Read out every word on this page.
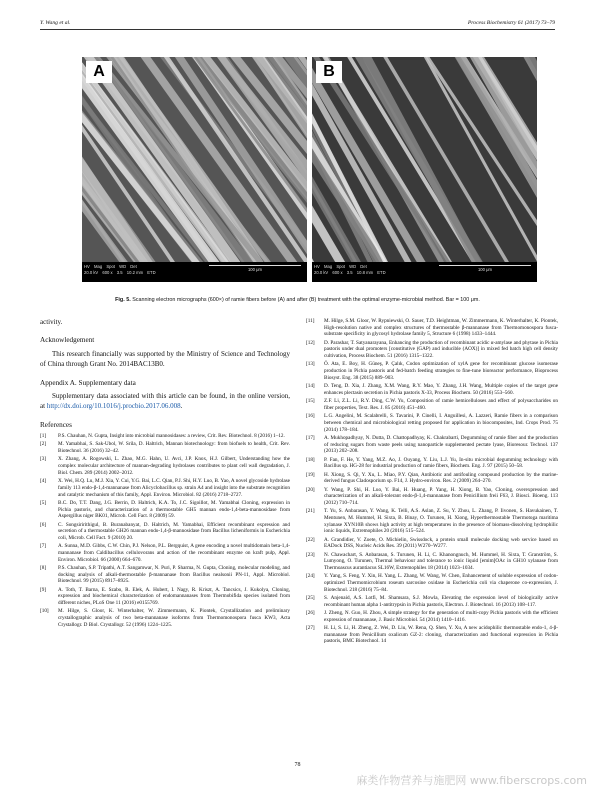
Y. Wang et al.	Process Biochemistry 61 (2017) 73–79
A
HV Mag Spot WD Det
20.0 kV 600 x 3.5 10.2 mm ETD
100 μm
B
HV Mag Spot WD Det
20.0 kV 600 x 3.5 10.8 mm ETD
100 μm
Fig. 5. Scanning electron micrographs (600×) of ramie fibers before (A) and after (B) treatment with the optimal enzyme-microbial method. Bar = 100 μm.
activity.
Acknowledgement

This research financially was supported by the Ministry of Science and Technology of China through Grant No. 2014BAC13B0.

Appendix A. Supplementary data

Supplementary data associated with this article can be found, in the online version, at http://dx.doi.org/10.1016/j.procbio.2017.06.008.

References
[1]	P.S. Chauhan, N. Gupta, Insight into microbial mannosidases: a review, Crit. Rev. Biotechnol. 8 (2016) 1–12.
[2]	M. Yamabhai, S. Sak-Ubol, W. Srila, D. Haltrich, Mannan biotechnology: from biofuels to health, Crit. Rev. Biotechnol. 36 (2016) 32–42.
[3]	X. Zhang, A. Rogowski, L. Zhao, M.G. Hahn, U. Avci, J.P. Knox, H.J. Gilbert, Understanding how the complex molecular architecture of mannan-degrading hydrolases contributes to plant cell wall degradation, J. Biol. Chem. 289 (2014) 2002–2012.
[4]	X. Wei, H.Q. Lu, M.J. Xia, Y. Cui, Y.G. Bai, L.C. Qian, P.J. Shi, H.Y. Luo, B. Yao, A novel glycoside hydrolase family 113 endo-β-1,4-mannanase from Alicyclobacillus sp. strain A4 and insight into the substrate recognition and catalytic mechanism of this family, Appl. Environ. Microbiol. 82 (2016) 2718–2727.
[5]	B.C. Do, T.T. Dang, J.G. Berrin, D. Haltrich, K.A. To, J.C. Sigoillot, M. Yamabhai Cloning, expression in Pichia pastoris, and characterization of a thermostable GH5 mannan endo-1,4-beta-mannosidase from Aspergillus niger BK01, Microb. Cell Fact. 8 (2009) 59.
[6]	C. Songsiririthigul, B. Buranabanyat, D. Haltrich, M. Yamabhai, Efficient recombinant expression and secretion of a thermostable GH26 mannan endo-1,4-β-mannosidase from Bacillus licheniformis in Escherichia coli, Microb. Cell Fact. 9 (2010) 20.
[7]	A. Sunna, M.D. Gibbs, C.W. Chin, P.J. Nelson, P.L. Bergquist, A gene encoding a novel multidomain beta-1,4-mannanase from Caldibacillus cellulovorans and action of the recombinant enzyme on kraft pulp, Appl. Environ. Microbiol. 66 (2000) 664–670.
[8]	P.S. Chauhan, S.P. Tripathi, A.T. Sangamwar, N. Puri, P. Sharma, N. Gupta, Cloning, molecular modeling, and docking analysis of alkali-thermostable β-mannanase from Bacillus nealsonii PN-11, Appl. Microbiol. Biotechnol. 99 (2015) 8917–8925.
[9]	A. Toth, T. Barna, E. Szabo, R. Elek, A. Hubert, I. Nagy, R. Kriszt, A. Tancsics, J. Kukolya, Cloning, expression and biochemical characterization of endomannanases from Thermobifida species isolated from different niches, PLoS One 11 (2016) e0155769.
[10]	M. Hilge, S. Gloor, K. Winterhalter, W. Zimmermann, K. Piontek, Crystallization and preliminary crystallographic analysis of two beta-mannanase isoforms from Thermomonospora fusca KW3, Acta Crystallogr. D Biol. Crystallogr. 52 (1996) 1224–1225.
[11]	M. Hilge, S.M. Gloor, W. Rypniewski, O. Sauer, T.D. Heightman, W. Zimmermann, K. Winterhalter, K. Piontek, High-resolution native and complex structures of thermostable β-mannanase from Thermomonospora fusca-substrate specificity in glycosyl hydrolase family 5, Structure 6 (1998) 1433–1444.
[12]	D. Parashar, T. Satyanarayana, Enhancing the production of recombinant acidic α-amylase and phytase in Pichia pastoris under dual promoters [constitutive (GAP) and inducible (AOX)] in mixed fed batch high cell density cultivation, Process Biochem. 51 (2016) 1315–1322.
[13]	Ö. Ata, E. Boy, H. Güneş, P. Çalık, Codon optimization of xylA gene for recombinant glucose isomerase production in Pichia pastoris and fed-batch feeding strategies to fine-tune bioreactor performance, Bioprocess Biosyst. Eng. 38 (2015) 889–903.
[14]	D. Teng, D. Xia, J. Zhang, X.M. Wang, R.Y. Mao, Y. Zhang, J.H. Wang, Multiple copies of the target gene enhances plectasin secretion in Pichia pastoris X-33, Process Biochem. 50 (2016) 553–560.
[15]	Z.F. Li, Z.L. Li, R.Y. Ding, C.W. Yu, Composition of ramie hemicelluloses and effect of polysaccharides on fiber properties, Text. Res. J. 85 (2016) 451–460.
[16]	L.G. Angelini, M. Scalabrelli, S. Tavarini, P. Cinelli, I. Anguillesi, A. Lazzeri, Ramie fibers in a comparison between chemical and microbiological retting proposed for application in biocomposites, Ind. Crops Prod. 75 (2014) 178–184.
[17]	A. Mukhopadhyay, N. Dutta, D. Chattopadhyay, K. Chakrabarti, Degumming of ramie fiber and the production of reducing sugars from waste peels using nanoparticle supplemented pectate lyase, Bioresour. Technol. 137 (2013) 202–208.
[18]	P. Fan, F. He, Y. Yang, M.Z. Ao, J. Ouyang, Y. Liu, L.J. Yu, In-situ microbial degumming technology with Bacillus sp. HG-28 for industrial production of ramie fibers, Biochem. Eng. J. 97 (2015) 50–58.
[19]	H. Xiong, S. Qi, Y. Xu, L. Miao, P.Y. Qian, Antibiotic and antifouling compound production by the marine-derived fungus Cladosporium sp. F14, J. Hydro-environ. Res. 2 (2009) 264–270.
[20]	Y. Wang, P. Shi, H. Luo, Y. Bai, H. Huang, P. Yang, H. Xiong, B. Yao, Cloning, overexpression and characterization of an alkali-tolerant endo-β-1,4-mannanase from Penicillium freii F63, J. Biosci. Bioeng. 113 (2012) 710–714.
[21]	T. Yu, S. Anbarasan, Y. Wang, K. Telli, A.S. Aslan, Z. Su, Y. Zhou, L. Zhang, P. Iivonen, S. Havukainen, T. Mentunen, M. Hummel, H. Sixta, B. Binay, O. Turunen, H. Xiong, Hyperthermostable Thermotoga maritima xylanase XYN10B shows high activity at high temperatures in the presence of biomass-dissolving hydrophilic ionic liquids, Extremophiles 20 (2016) 515–524.
[22]	A. Grandidier, V. Zoete, O. Michielin, Swissdock, a protein small molecule docking web service based on EADock DSS, Nucleic Acids Res. 39 (2011) W270–W277.
[23]	N. Chawachart, S. Anbarasan, S. Turunen, H. Li, C. Khanongnuch, M. Hummel, H. Sixta, T. Granström, S. Lumyong, O. Turunen, Thermal behaviour and tolerance to ionic liquid [emim]OAc in GH10 xylanase from Thermoascus aurantiacus SL16W, Extremophiles 18 (2014) 1023–1034.
[24]	Y. Yang, S. Feng, Y. Xin, H. Yang, L. Zhang, W. Wang, W. Chen, Enhancement of soluble expression of codon-optimized Thermomicrobium roseum sarcosine oxidase in Escherichia coli via chaperone co-expression, J. Biotechnol. 218 (2016) 75–84.
[25]	S. Anjenaid, A.S. Lotfi, M. Shamsara, S.J. Mowla, Elevating the expression level of biologically active recombinant human alpha 1-antitrypsin in Pichia pastoris, Electron. J. Biotechnol. 16 (2013) 108–117.
[26]	J. Zheng, N. Guo, H. Zhou, A simple strategy for the generation of multi-copy Pichia pastoris with the efficient expression of mannanase, J. Basic Microbiol. 54 (2014) 1410–1416.
[27]	H. Li, S. Li, H. Zheng, Z. Wei, D. Liu, W. Rena, Q. Shen, Y. Xu, A new acidophilic thermostable endo-1, 4-β-mannanase from Penicillium oxalicum GZ-2: cloning, characterization and functional expression in Pichia pastoris, BMC Biotechnol. 14
78
麻类作物营养与施肥网 www.fiberscrops.com
